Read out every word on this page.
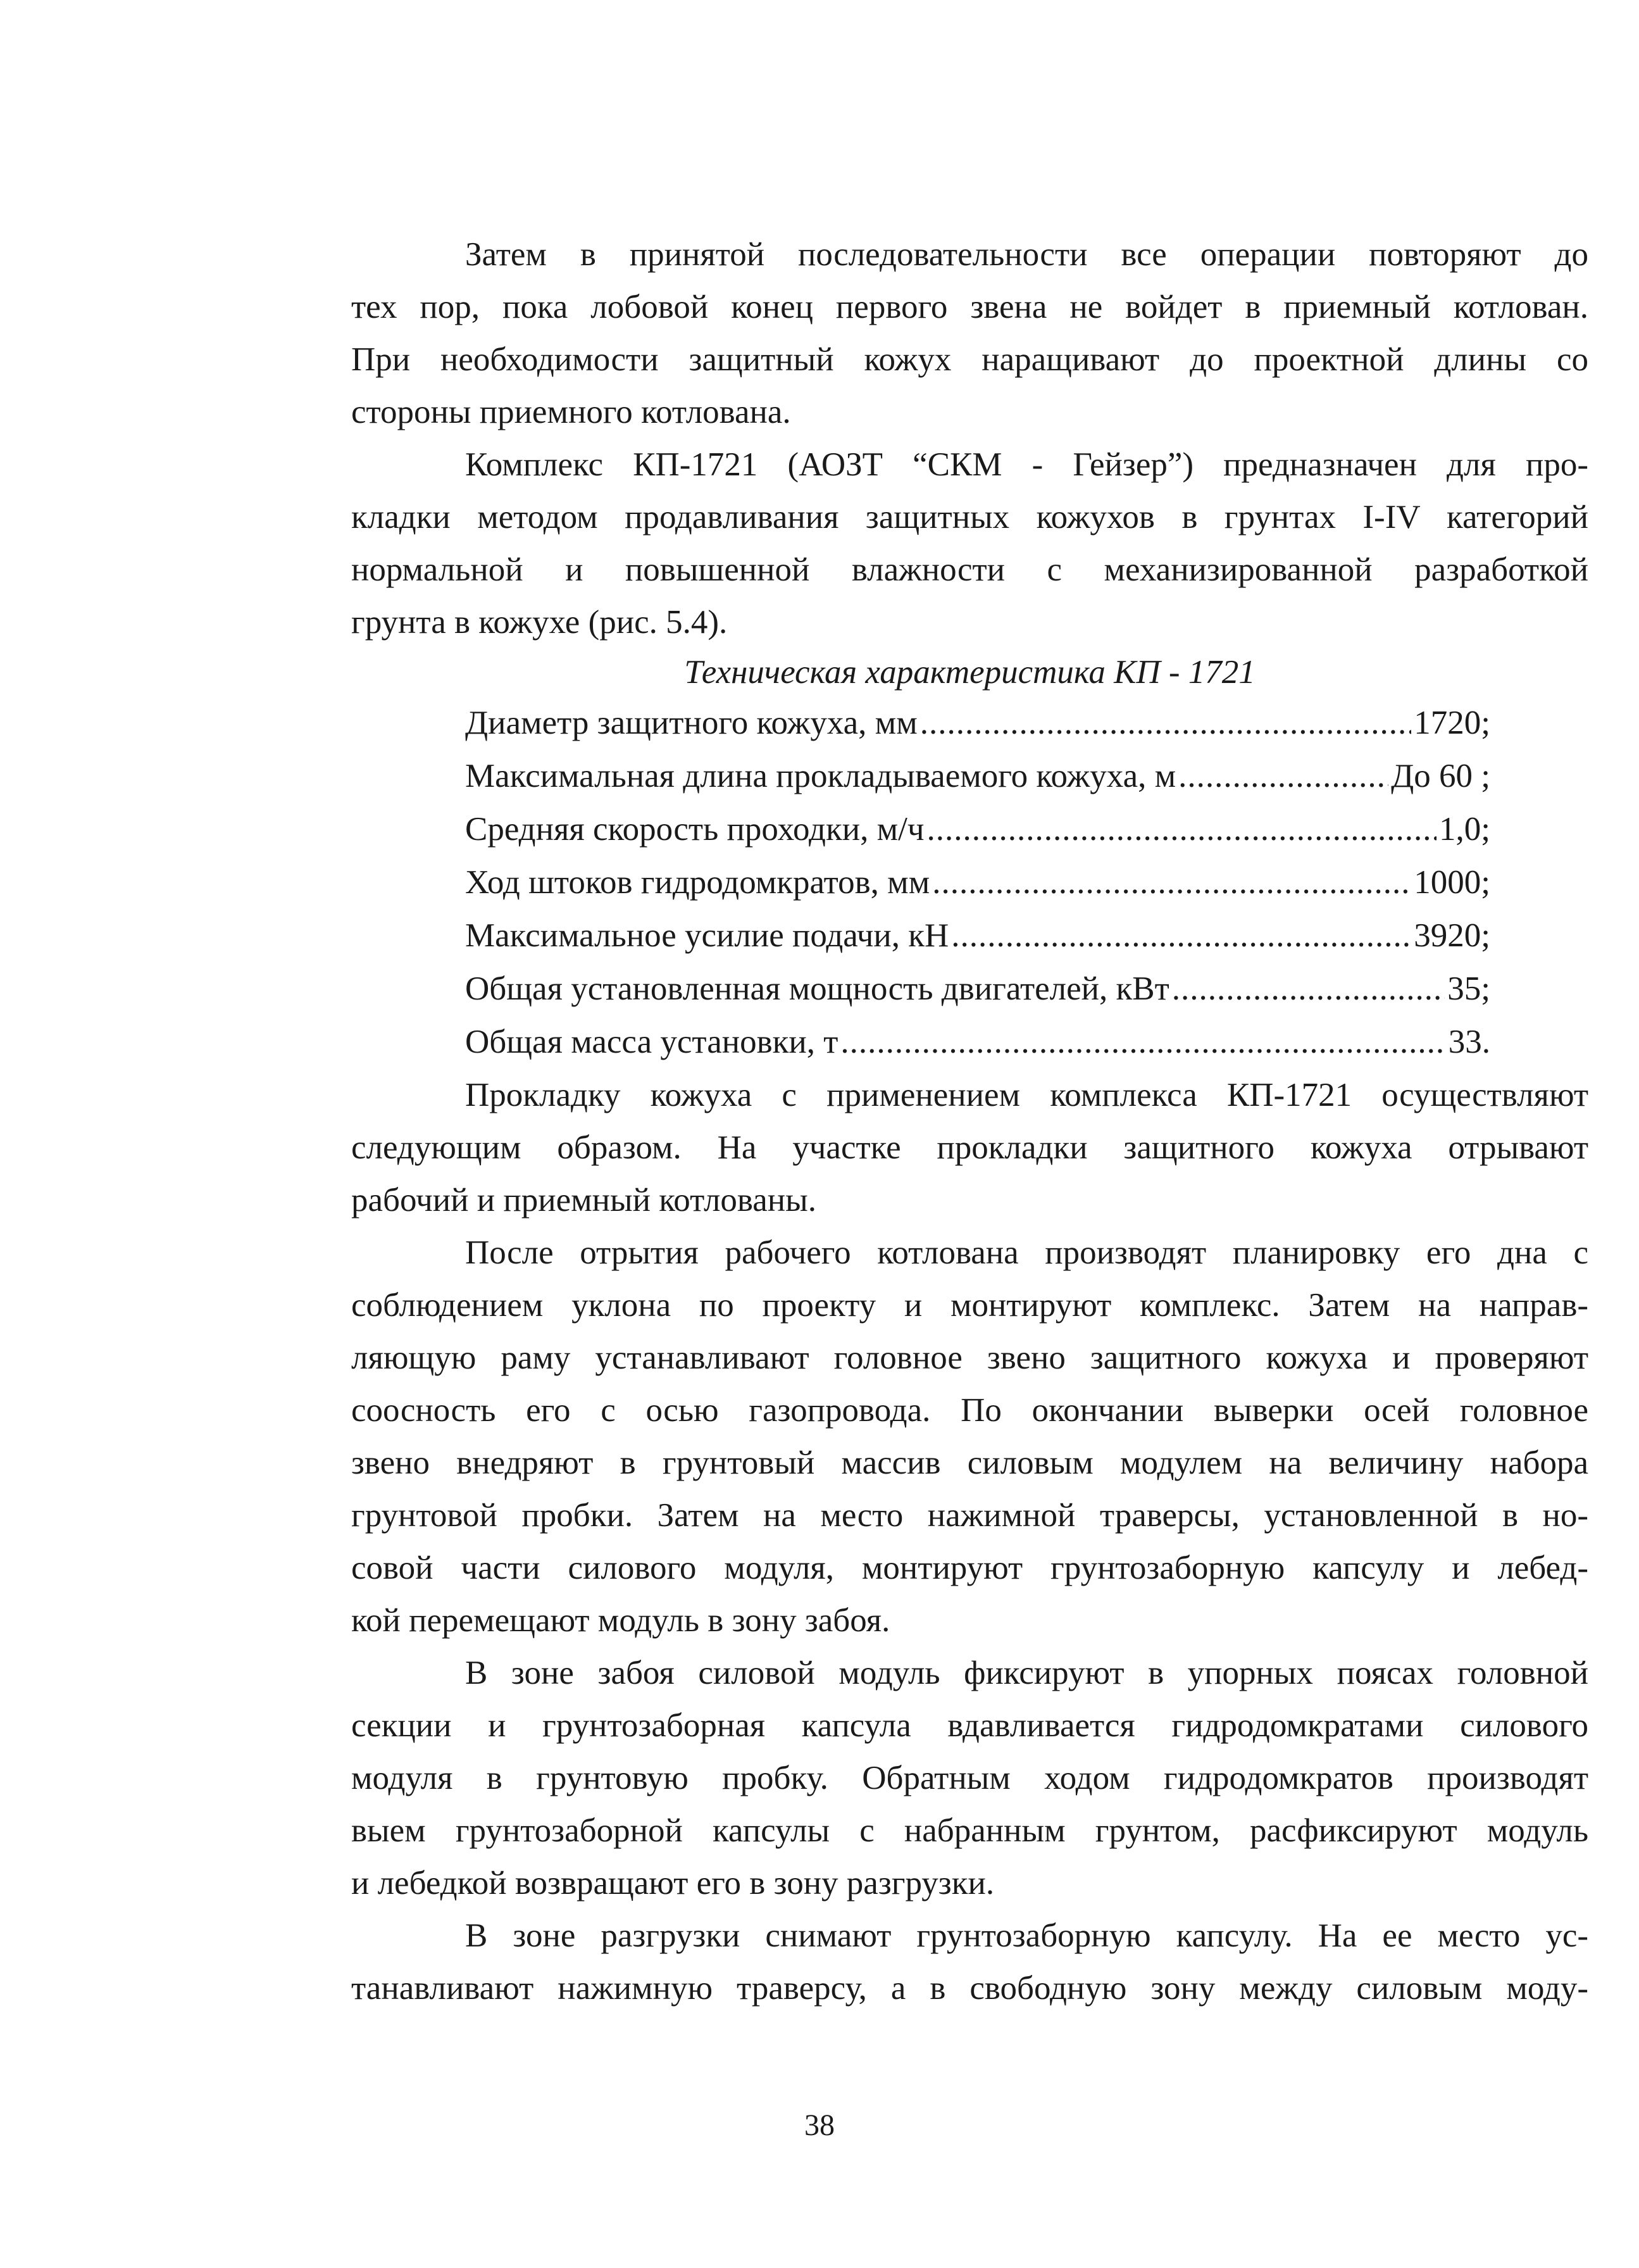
Затем в принятой последовательности все операции повторяют до
тех пор, пока лобовой конец первого звена не войдет в приемный котлован.
При необходимости защитный кожух наращивают до проектной длины со
стороны приемного котлована.
Комплекс КП-1721 (АОЗТ “СКМ - Гейзер”) предназначен для про-
кладки методом продавливания защитных кожухов в грунтах I-IV категорий
нормальной и повышенной влажности с механизированной разработкой
грунта в кожухе (рис. 5.4).
Техническая характеристика КП - 1721
Диаметр защитного кожуха, мм .....	1720;
Максимальная длина прокладываемого кожуха, м .....	До 60 ;
Средняя скорость проходки, м/ч .....	1,0;
Ход штоков гидродомкратов, мм .....	1000;
Максимальное усилие подачи, кН .....	3920;
Общая установленная мощность двигателей, кВт .....	35;
Общая масса установки, т .....	33.
Прокладку кожуха с применением комплекса КП-1721 осуществляют
следующим образом. На участке прокладки защитного кожуха отрывают
рабочий и приемный котлованы.
После отрытия рабочего котлована производят планировку его дна с
соблюдением уклона по проекту и монтируют комплекс. Затем на направ-
ляющую раму устанавливают головное звено защитного кожуха и проверяют
соосность его с осью газопровода. По окончании выверки осей головное
звено внедряют в грунтовый массив силовым модулем на величину набора
грунтовой пробки. Затем на место нажимной траверсы, установленной в но-
совой части силового модуля, монтируют грунтозаборную капсулу и лебед-
кой перемещают модуль в зону забоя.
В зоне забоя силовой модуль фиксируют в упорных поясах головной
секции и грунтозаборная капсула вдавливается гидродомкратами силового
модуля в грунтовую пробку. Обратным ходом гидродомкратов производят
выем грунтозаборной капсулы с набранным грунтом, расфиксируют модуль
и лебедкой возвращают его в зону разгрузки.
В зоне разгрузки снимают грунтозаборную капсулу. На ее место ус-
танавливают нажимную траверсу, а в свободную зону между силовым моду-
38
